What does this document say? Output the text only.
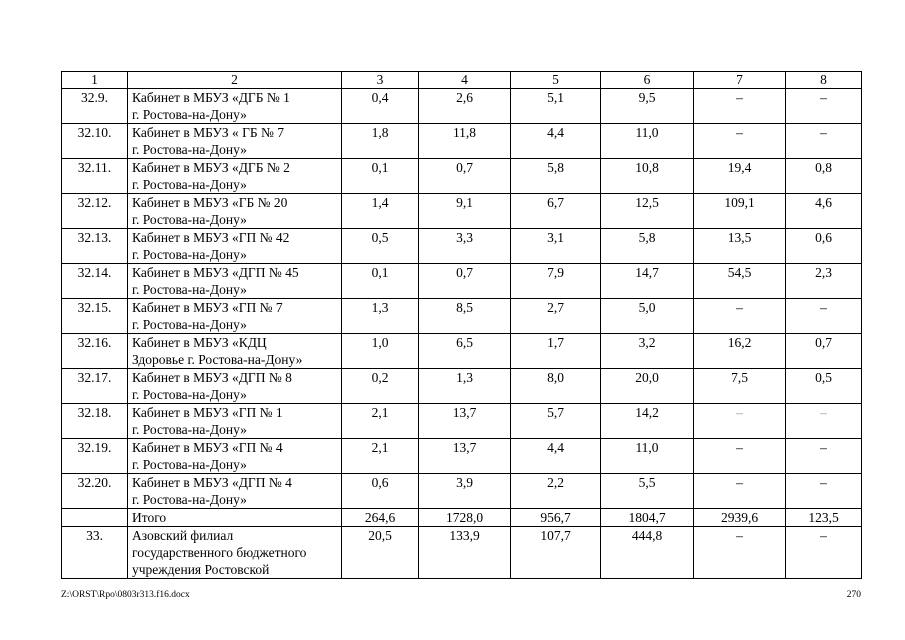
1	2	3	4	5	6	7	8
32.9.	Кабинет в МБУЗ «ДГБ № 1
г. Ростова-на-Дону»	0,4	2,6	5,1	9,5	–	–
32.10.	Кабинет в МБУЗ « ГБ № 7
г. Ростова-на-Дону»	1,8	11,8	4,4	11,0	–	–
32.11.	Кабинет в МБУЗ «ДГБ № 2
г. Ростова-на-Дону»	0,1	0,7	5,8	10,8	19,4	0,8
32.12.	Кабинет в МБУЗ «ГБ № 20
г. Ростова-на-Дону»	1,4	9,1	6,7	12,5	109,1	4,6
32.13.	Кабинет в МБУЗ «ГП № 42
г. Ростова-на-Дону»	0,5	3,3	3,1	5,8	13,5	0,6
32.14.	Кабинет в МБУЗ «ДГП № 45
г. Ростова-на-Дону»	0,1	0,7	7,9	14,7	54,5	2,3
32.15.	Кабинет в МБУЗ «ГП № 7
г. Ростова-на-Дону»	1,3	8,5	2,7	5,0	–	–
32.16.	Кабинет в МБУЗ «КДЦ
Здоровье г. Ростова-на-Дону»	1,0	6,5	1,7	3,2	16,2	0,7
32.17.	Кабинет в МБУЗ «ДГП № 8
г. Ростова-на-Дону»	0,2	1,3	8,0	20,0	7,5	0,5
32.18.	Кабинет в МБУЗ «ГП № 1
г. Ростова-на-Дону»	2,1	13,7	5,7	14,2	–	–
32.19.	Кабинет в МБУЗ «ГП № 4
г. Ростова-на-Дону»	2,1	13,7	4,4	11,0	–	–
32.20.	Кабинет в МБУЗ «ДГП № 4
г. Ростова-на-Дону»	0,6	3,9	2,2	5,5	–	–
	Итого	264,6	1728,0	956,7	1804,7	2939,6	123,5
33.	Азовский филиал
государственного бюджетного
учреждения Ростовской	20,5	133,9	107,7	444,8	–	–
Z:\ORST\Rpo\0803r313.f16.docx	270
